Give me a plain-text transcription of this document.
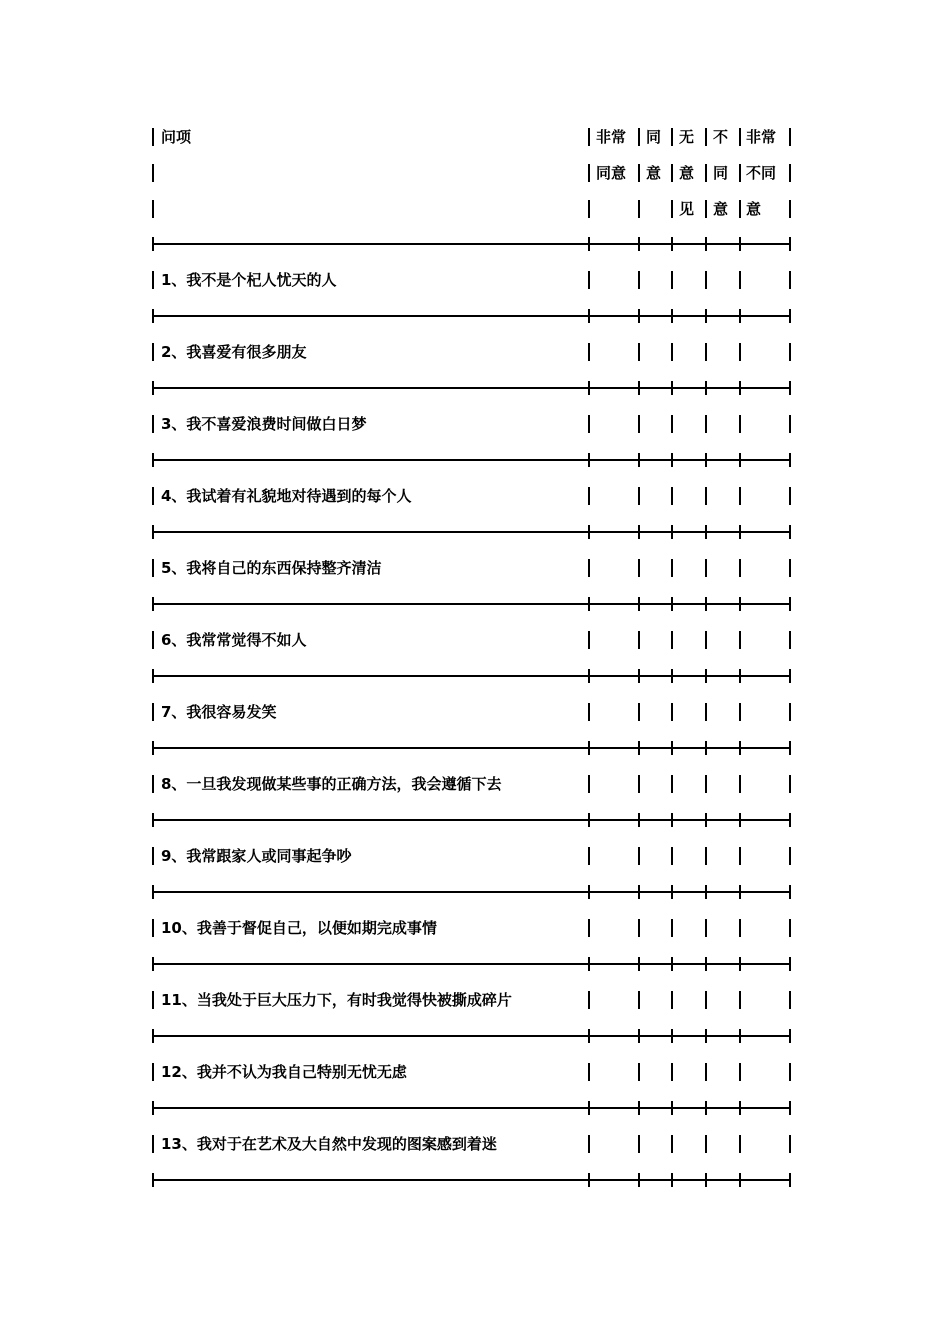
问项	非常 同 无 不 非常
同意 意 意 同 不同
见 意 意
1、我不是个杞人忧天的人
2、我喜爱有很多朋友
3、我不喜爱浪费时间做白日梦
4、我试着有礼貌地对待遇到的每个人
5、我将自己的东西保持整齐清洁
6、我常常觉得不如人
7、我很容易发笑
8、一旦我发现做某些事的正确方法，我会遵循下去
9、我常跟家人或同事起争吵
10、我善于督促自己，以便如期完成事情
11、当我处于巨大压力下，有时我觉得快被撕成碎片
12、我并不认为我自己特别无忧无虑
13、我对于在艺术及大自然中发现的图案感到着迷
